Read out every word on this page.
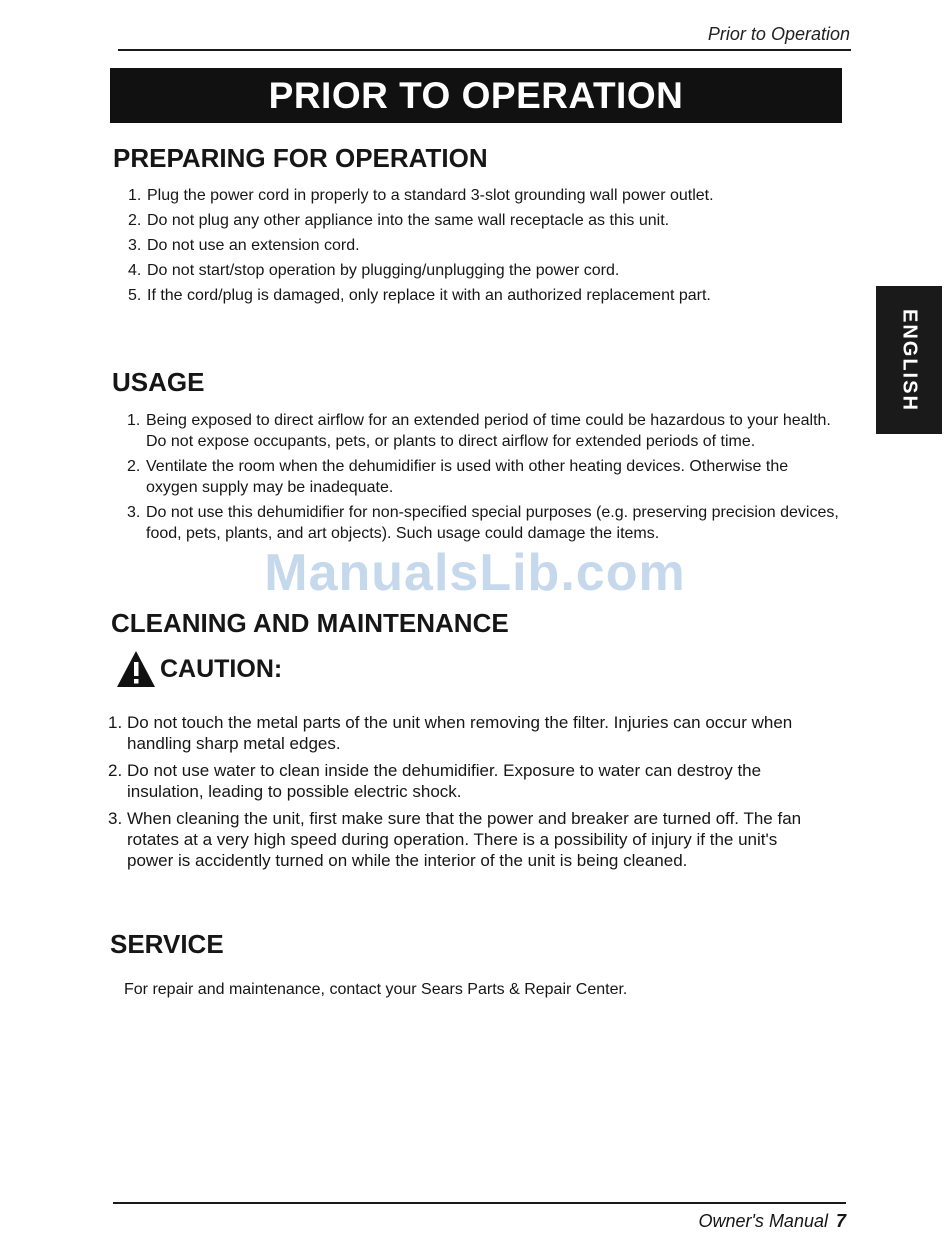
Prior to Operation
PRIOR TO OPERATION
ENGLISH
PREPARING FOR OPERATION
1. Plug the power cord in properly to a standard 3-slot grounding wall power outlet.
2. Do not plug any other appliance into the same wall receptacle as this unit.
3. Do not use an extension cord.
4. Do not start/stop operation by plugging/unplugging the power cord.
5. If the cord/plug is damaged, only replace it with an authorized replacement part.
USAGE
1. Being exposed to direct airflow for an extended period of time could be hazardous to your health. Do not expose occupants, pets, or plants to direct airflow for extended periods of time.
2. Ventilate the room when the dehumidifier is used with other heating devices. Otherwise the oxygen supply may be inadequate.
3. Do not use this dehumidifier for non-specified special purposes (e.g. preserving precision devices, food, pets, plants, and art objects). Such usage could damage the items.
ManualsLib.com
CLEANING AND MAINTENANCE
CAUTION:
1. Do not touch the metal parts of the unit when removing the filter. Injuries can occur when handling sharp metal edges.
2. Do not use water to clean inside the dehumidifier. Exposure to water can destroy the insulation, leading to possible electric shock.
3. When cleaning the unit, first make sure that the power and breaker are turned off. The fan rotates at a very high speed during operation. There is a possibility of injury if the unit's power is accidently turned on while the interior of the unit is being cleaned.
SERVICE

For repair and maintenance, contact your Sears Parts & Repair Center.

Owner's Manual 7
